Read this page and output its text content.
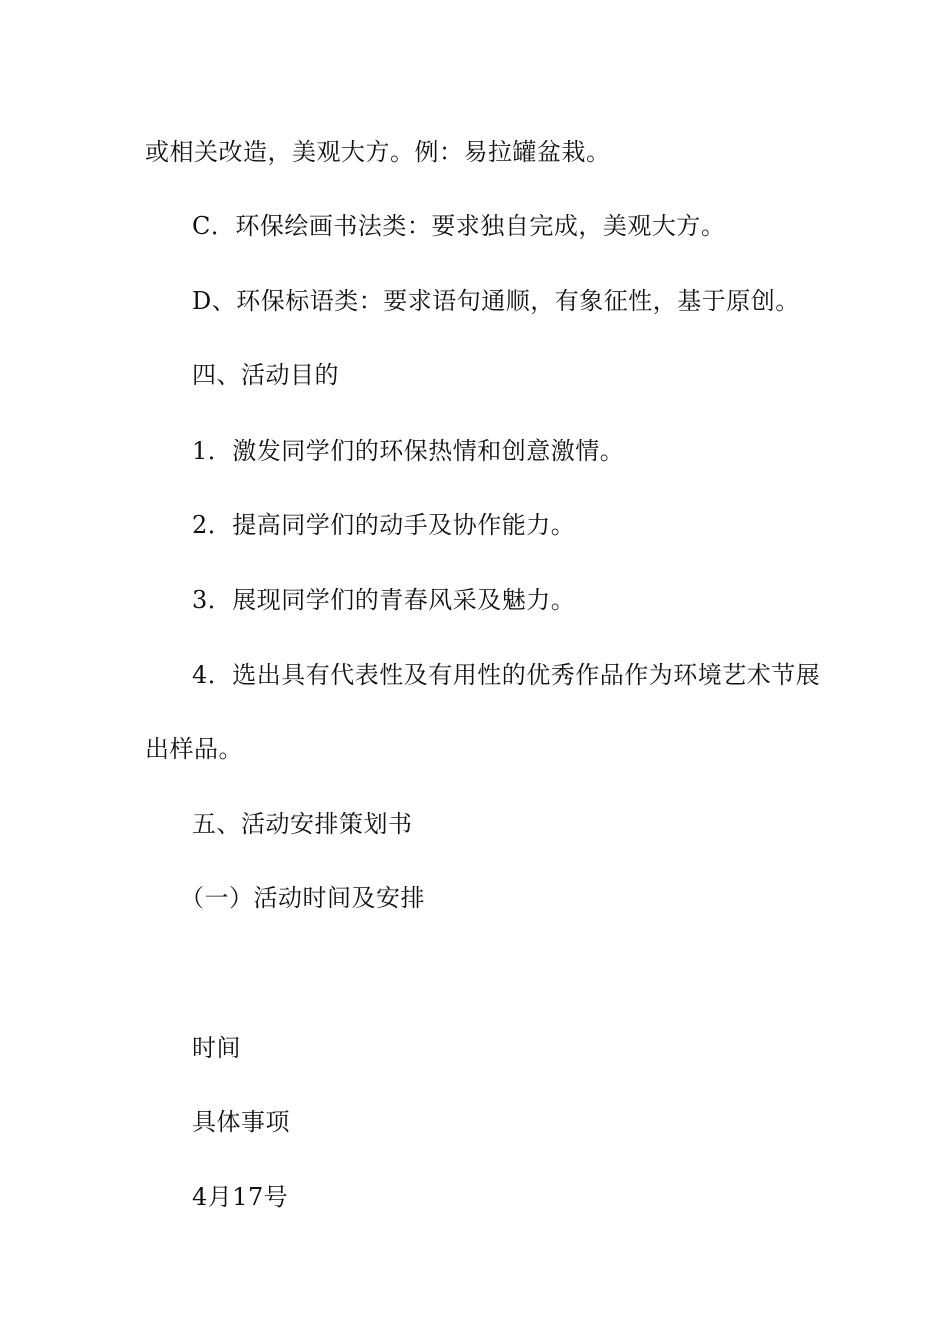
或相关改造，美观大方。例：易拉罐盆栽。
C．环保绘画书法类：要求独自完成，美观大方。
D、环保标语类：要求语句通顺，有象征性，基于原创。
四、活动目的
1．激发同学们的环保热情和创意激情。
2．提高同学们的动手及协作能力。
3．展现同学们的青春风采及魅力。
4．选出具有代表性及有用性的优秀作品作为环境艺术节展
出样品。
五、活动安排策划书
（一）活动时间及安排
时间
具体事项
4月17号
